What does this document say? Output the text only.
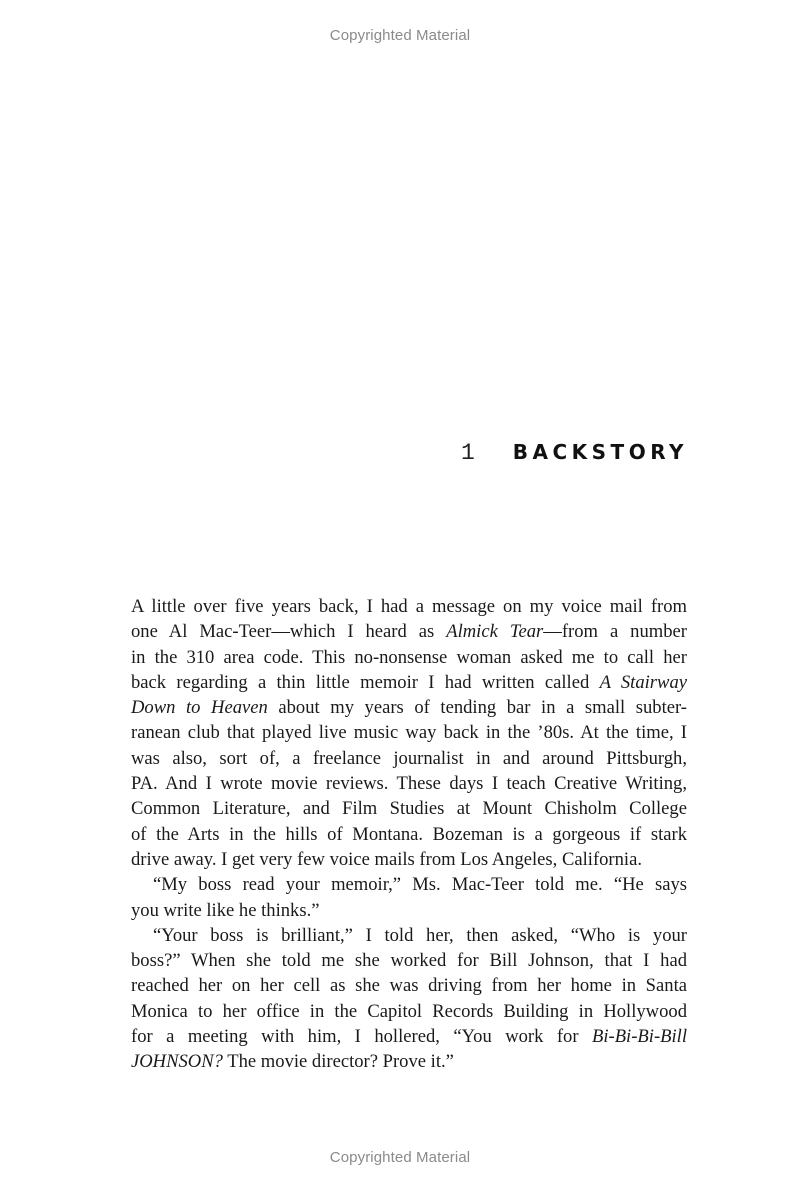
Copyrighted Material
1 BACKSTORY
A little over five years back, I had a message on my voice mail from
one Al Mac-Teer—which I heard as Almick Tear—from a number
in the 310 area code. This no-nonsense woman asked me to call her
back regarding a thin little memoir I had written called A Stairway
Down to Heaven about my years of tending bar in a small subter-
ranean club that played live music way back in the ’80s. At the time, I
was also, sort of, a freelance journalist in and around Pittsburgh,
PA. And I wrote movie reviews. These days I teach Creative Writing,
Common Literature, and Film Studies at Mount Chisholm College
of the Arts in the hills of Montana. Bozeman is a gorgeous if stark
drive away. I get very few voice mails from Los Angeles, California.
“My boss read your memoir,” Ms. Mac-Teer told me. “He says
you write like he thinks.”
“Your boss is brilliant,” I told her, then asked, “Who is your
boss?” When she told me she worked for Bill Johnson, that I had
reached her on her cell as she was driving from her home in Santa
Monica to her office in the Capitol Records Building in Hollywood
for a meeting with him, I hollered, “You work for Bi-Bi-Bi-Bill
JOHNSON? The movie director? Prove it.”
Copyrighted Material
